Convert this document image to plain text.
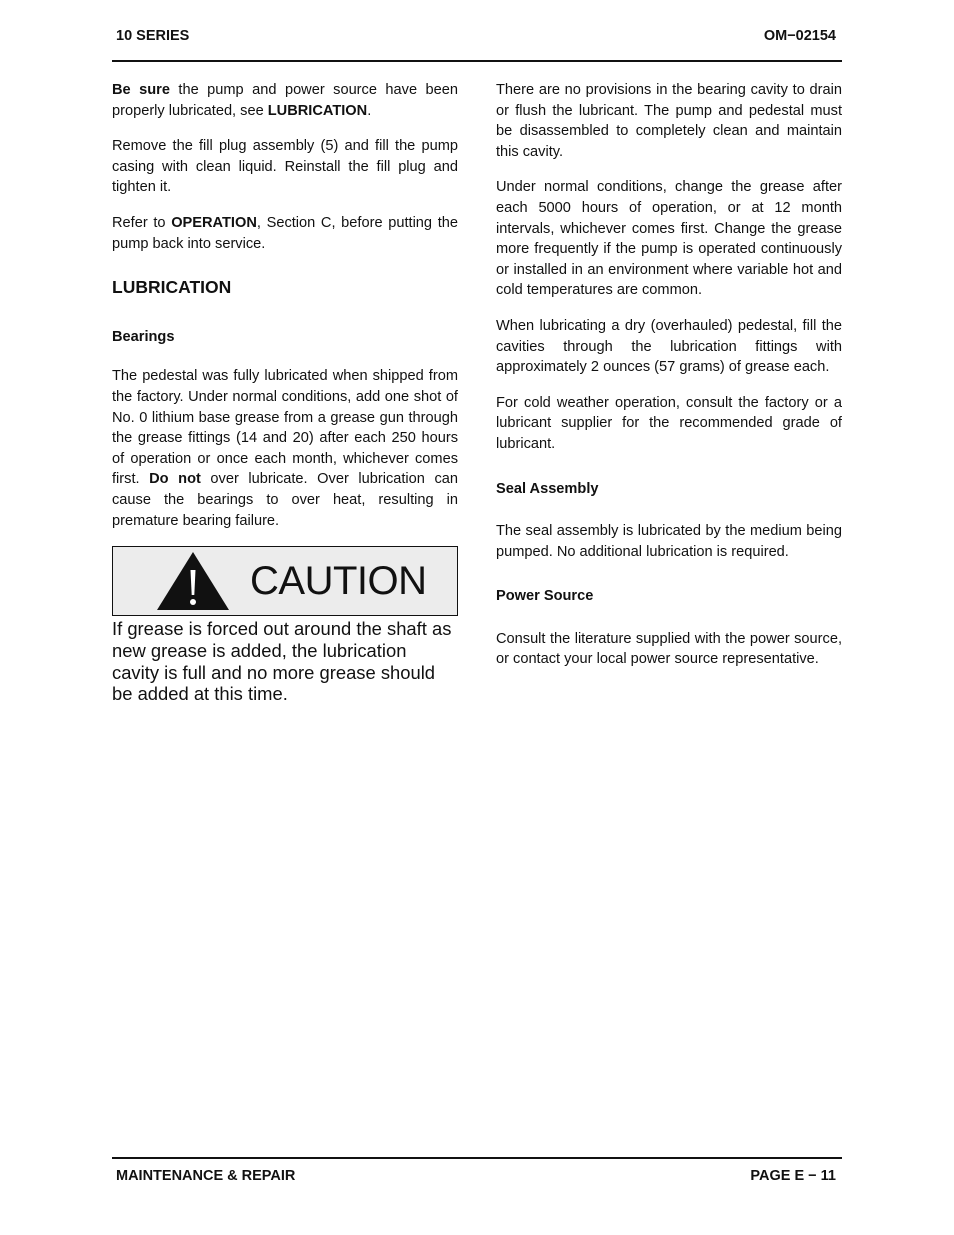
10 SERIES	OM−02154

Be sure the pump and power source have been properly lubricated, see LUBRICATION.

Remove the fill plug assembly (5) and fill the pump casing with clean liquid. Reinstall the fill plug and tighten it.

Refer to OPERATION, Section C, before putting the pump back into service.

LUBRICATION
Bearings

The pedestal was fully lubricated when shipped from the factory. Under normal conditions, add one shot of No. 0 lithium base grease from a grease gun through the grease fittings (14 and 20) after each 250 hours of operation or once each month, whichever comes first. Do not over lubricate. Over lubrication can cause the bearings to over heat, resulting in premature bearing failure.

CAUTION

If grease is forced out around the shaft as new grease is added, the lubrication cavity is full and no more grease should be added at this time.

There are no provisions in the bearing cavity to drain or flush the lubricant. The pump and pedestal must be disassembled to completely clean and maintain this cavity.

Under normal conditions, change the grease after each 5000 hours of operation, or at 12 month intervals, whichever comes first. Change the grease more frequently if the pump is operated continuously or installed in an environment where variable hot and cold temperatures are common.

When lubricating a dry (overhauled) pedestal, fill the cavities through the lubrication fittings with approximately 2 ounces (57 grams) of grease each.

For cold weather operation, consult the factory or a lubricant supplier for the recommended grade of lubricant.

Seal Assembly

The seal assembly is lubricated by the medium being pumped. No additional lubrication is required.

Power Source

Consult the literature supplied with the power source, or contact your local power source representative.

MAINTENANCE & REPAIR	PAGE E − 11
